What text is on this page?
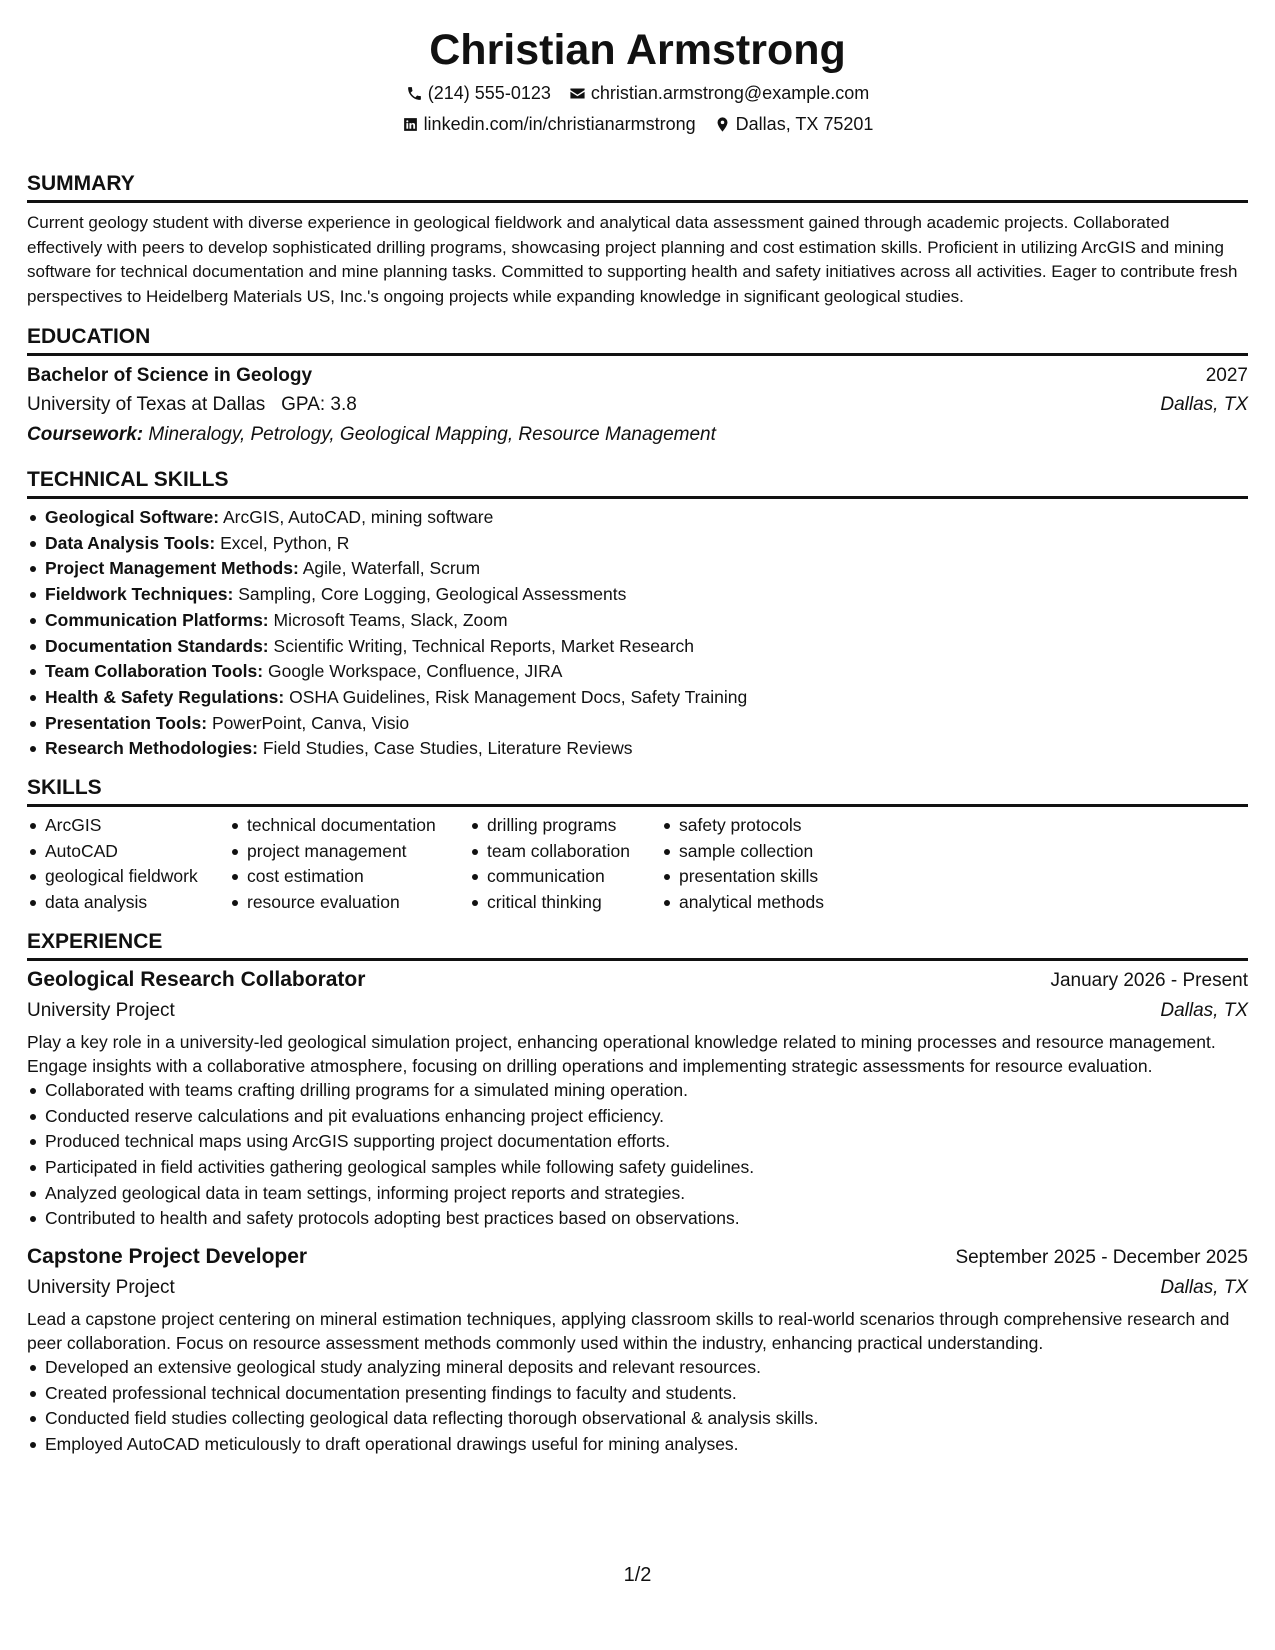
Christian Armstrong
(214) 555-0123 christian.armstrong@example.com
linkedin.com/in/christianarmstrong Dallas, TX 75201
SUMMARY

Current geology student with diverse experience in geological fieldwork and analytical data assessment gained through academic projects. Collaborated effectively with peers to develop sophisticated drilling programs, showcasing project planning and cost estimation skills. Proficient in utilizing ArcGIS and mining software for technical documentation and mine planning tasks. Committed to supporting health and safety initiatives across all activities. Eager to contribute fresh perspectives to Heidelberg Materials US, Inc.'s ongoing projects while expanding knowledge in significant geological studies.

EDUCATION
Bachelor of Science in Geology	2027
University of Texas at Dallas GPA: 3.8	Dallas, TX
Coursework: Mineralogy, Petrology, Geological Mapping, Resource Management
TECHNICAL SKILLS
Geological Software: ArcGIS, AutoCAD, mining software
Data Analysis Tools: Excel, Python, R
Project Management Methods: Agile, Waterfall, Scrum
Fieldwork Techniques: Sampling, Core Logging, Geological Assessments
Communication Platforms: Microsoft Teams, Slack, Zoom
Documentation Standards: Scientific Writing, Technical Reports, Market Research
Team Collaboration Tools: Google Workspace, Confluence, JIRA
Health & Safety Regulations: OSHA Guidelines, Risk Management Docs, Safety Training
Presentation Tools: PowerPoint, Canva, Visio
Research Methodologies: Field Studies, Case Studies, Literature Reviews
SKILLS
ArcGIS
AutoCAD
geological fieldwork
data analysis
technical documentation
project management
cost estimation
resource evaluation
drilling programs
team collaboration
communication
critical thinking
safety protocols
sample collection
presentation skills
analytical methods
EXPERIENCE
Geological Research Collaborator	January 2026 - Present
University Project	Dallas, TX

Play a key role in a university-led geological simulation project, enhancing operational knowledge related to mining processes and resource management. Engage insights with a collaborative atmosphere, focusing on drilling operations and implementing strategic assessments for resource evaluation.

Collaborated with teams crafting drilling programs for a simulated mining operation.
Conducted reserve calculations and pit evaluations enhancing project efficiency.
Produced technical maps using ArcGIS supporting project documentation efforts.
Participated in field activities gathering geological samples while following safety guidelines.
Analyzed geological data in team settings, informing project reports and strategies.
Contributed to health and safety protocols adopting best practices based on observations.
Capstone Project Developer	September 2025 - December 2025
University Project	Dallas, TX

Lead a capstone project centering on mineral estimation techniques, applying classroom skills to real-world scenarios through comprehensive research and peer collaboration. Focus on resource assessment methods commonly used within the industry, enhancing practical understanding.

Developed an extensive geological study analyzing mineral deposits and relevant resources.
Created professional technical documentation presenting findings to faculty and students.
Conducted field studies collecting geological data reflecting thorough observational & analysis skills.
Employed AutoCAD meticulously to draft operational drawings useful for mining analyses.
1/2
